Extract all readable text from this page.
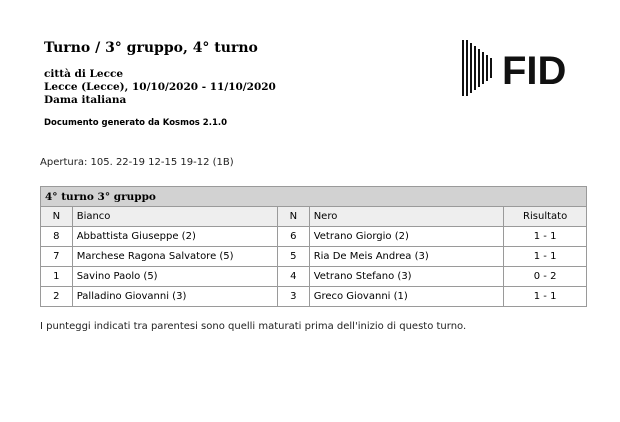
Turno / 3° gruppo, 4° turno
città di Lecce
Lecce (Lecce), 10/10/2020 - 11/10/2020
Dama italiana
Documento generato da Kosmos 2.1.0
FID
Apertura: 105. 22-19 12-15 19-12 (1B)
4° turno 3° gruppo				
N	Bianco	N	Nero	Risultato
8	Abbattista Giuseppe (2)	6	Vetrano Giorgio (2)	1 - 1
7	Marchese Ragona Salvatore (5)	5	Ria De Meis Andrea (3)	1 - 1
1	Savino Paolo (5)	4	Vetrano Stefano (3)	0 - 2
2	Palladino Giovanni (3)	3	Greco Giovanni (1)	1 - 1
I punteggi indicati tra parentesi sono quelli maturati prima dell'inizio di questo turno.
